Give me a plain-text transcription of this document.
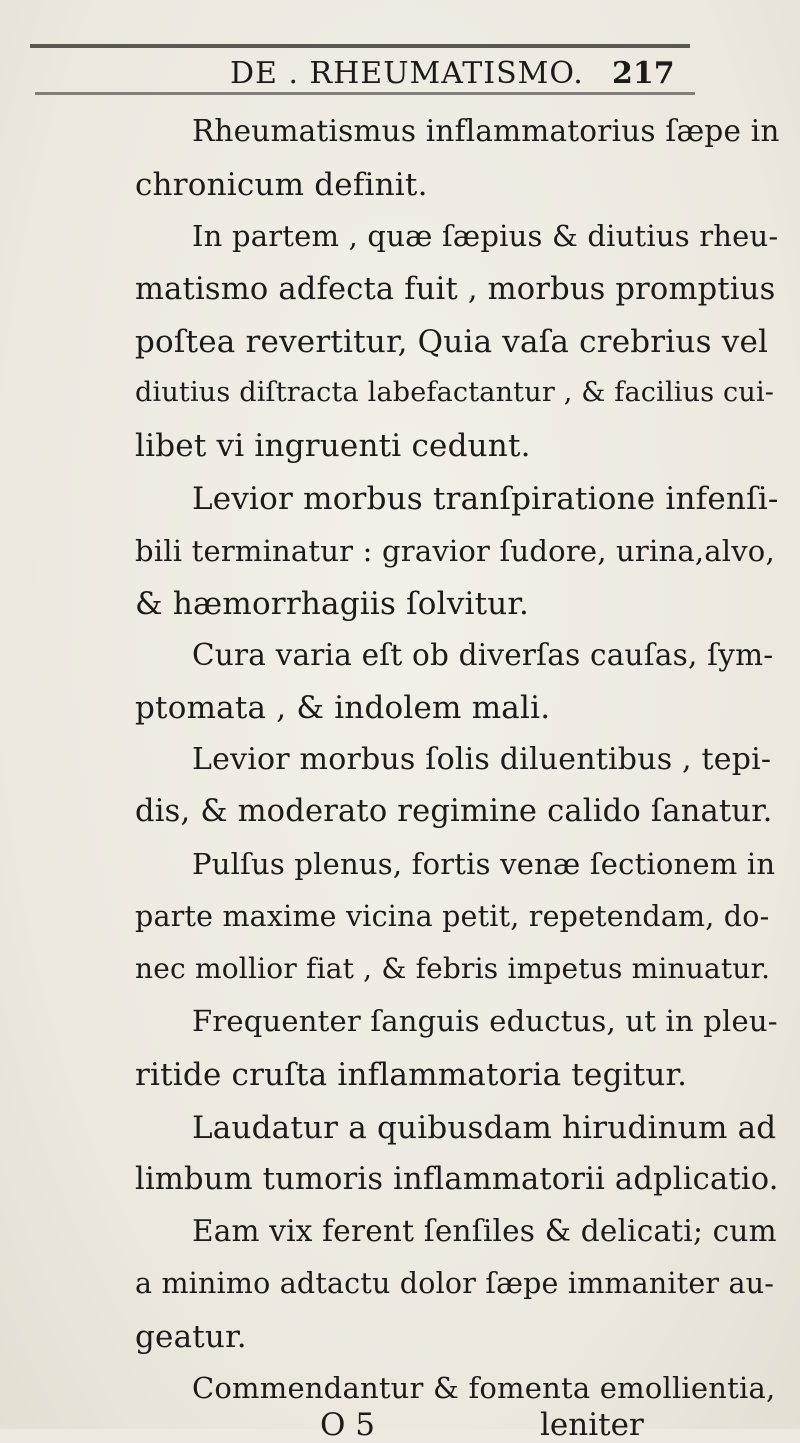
DE . RHEUMATISMO. 217
Rheumatismus inflammatorius ſæpe in
chronicum definit.
In partem , quæ ſæpius & diutius rheu-
matismo adfecta fuit , morbus promptius
poſtea revertitur, Quia vaſa crebrius vel
diutius diſtracta labefactantur , & facilius cui-
libet vi ingruenti cedunt.
Levior morbus tranſpiratione infenſi-
bili terminatur : gravior ſudore, urina,alvo,
& hæmorrhagiis ſolvitur.
Cura varia eſt ob diverſas cauſas, ſym-
ptomata , & indolem mali.
Levior morbus ſolis diluentibus , tepi-
dis, & moderato regimine calido ſanatur.
Pulſus plenus, fortis venæ ſectionem in
parte maxime vicina petit, repetendam, do-
nec mollior fiat , & febris impetus minuatur.
Frequenter ſanguis eductus, ut in pleu-
ritide cruſta inflammatoria tegitur.
Laudatur a quibusdam hirudinum ad
limbum tumoris inflammatorii adplicatio.
Eam vix ferent ſenſiles & delicati; cum
a minimo adtactu dolor ſæpe immaniter au-
geatur.
Commendantur & fomenta emollientia,
O 5	leniter
